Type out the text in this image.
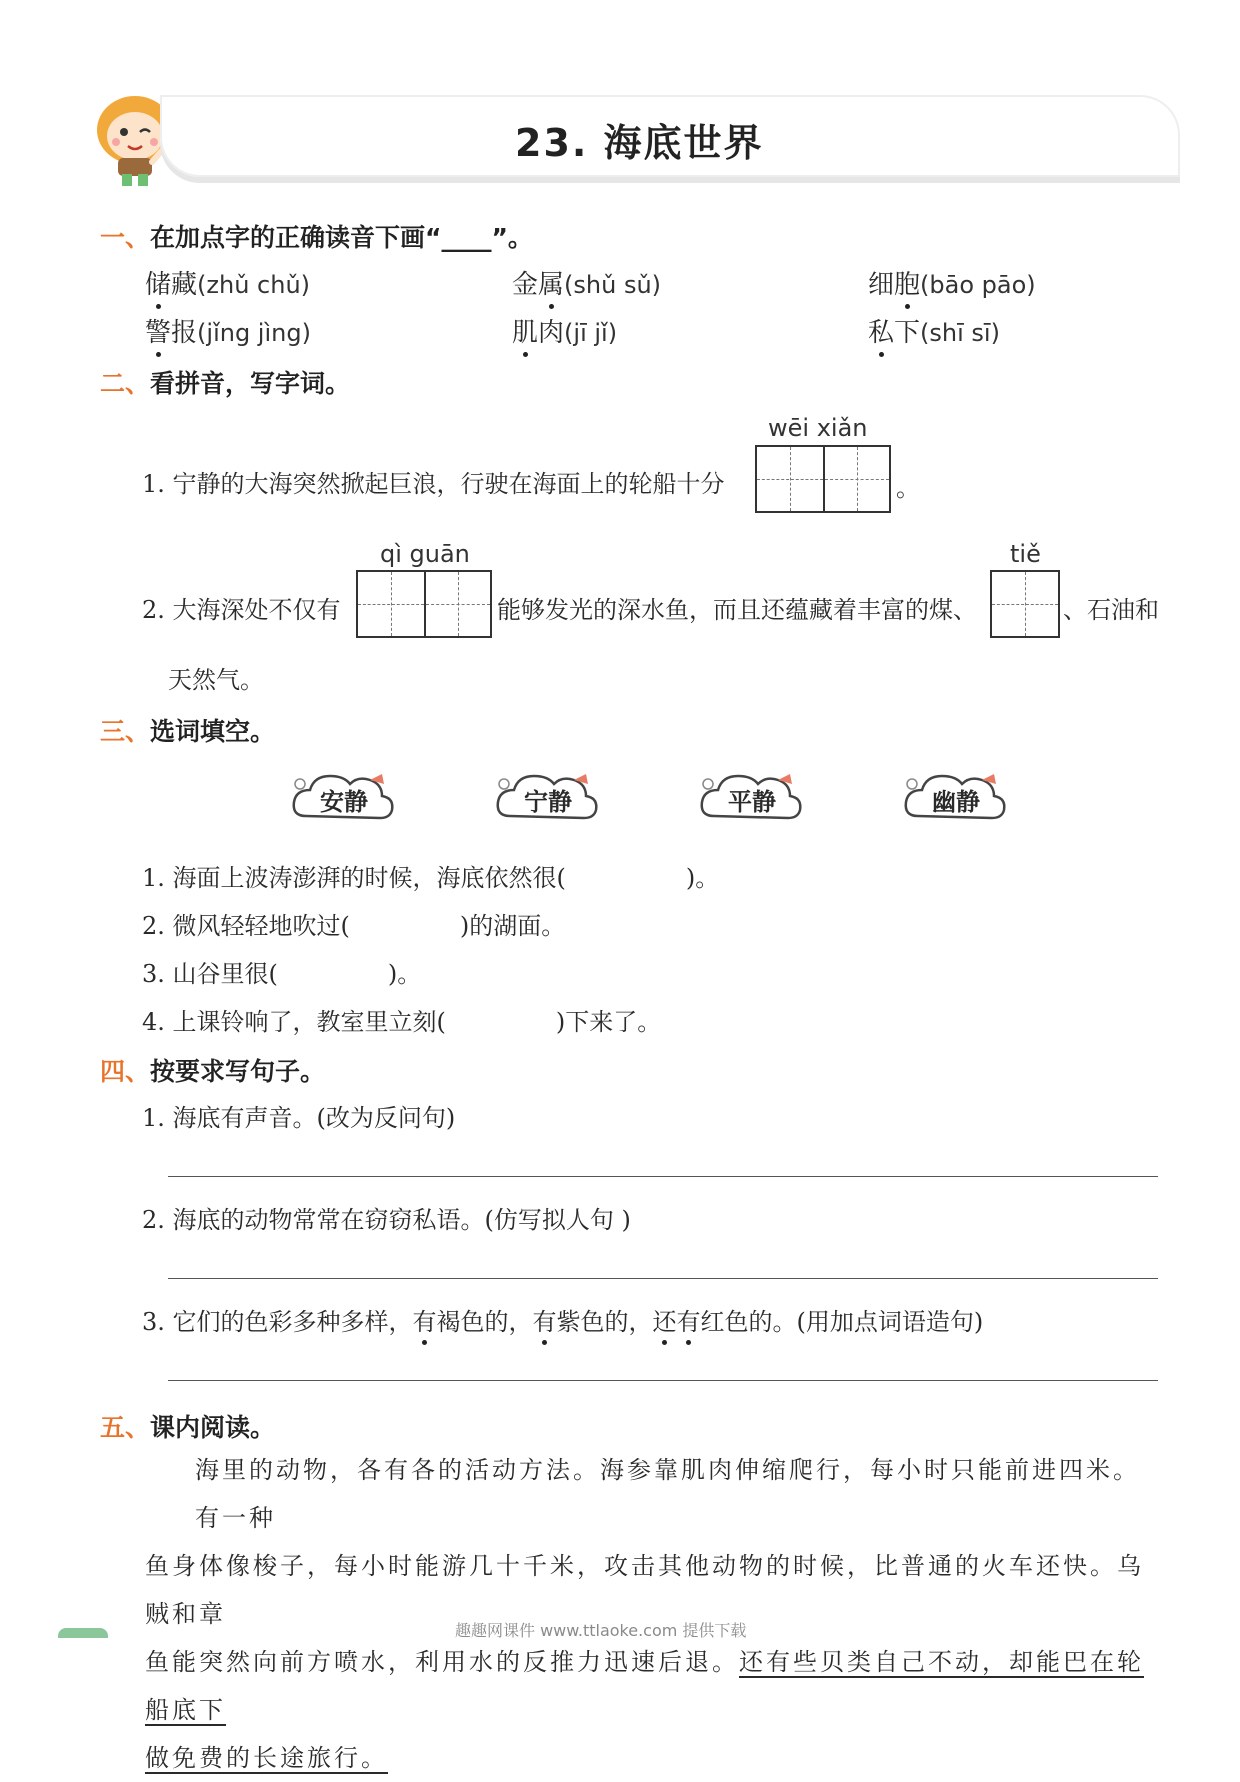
23. 海底世界
一、在加点字的正确读音下画“____”。
储藏(zhǔ chǔ)	金属(shǔ sǔ)	细胞(bāo pāo)
警报(jǐng jìng)	肌肉(jī jǐ)	私下(shī sī)
二、看拼音，写字词。
wēi xiǎn
1. 宁静的大海突然掀起巨浪，行驶在海面上的轮船十分	。
qì guān	tiě
2. 大海深处不仅有	能够发光的深水鱼，而且还蕴藏着丰富的煤、	、石油和
天然气。
三、选词填空。
安静	宁静	平静	幽静
1. 海面上波涛澎湃的时候，海底依然很(	)。
2. 微风轻轻地吹过(	)的湖面。
3. 山谷里很(	)。
4. 上课铃响了，教室里立刻(	)下来了。
四、按要求写句子。
1. 海底有声音。(改为反问句)
2. 海底的动物常常在窃窃私语。(仿写拟人句 )
3. 它们的色彩多种多样，有褐色的，有紫色的，还有红色的。(用加点词语造句)
五、课内阅读。
海里的动物，各有各的活动方法。海参靠肌肉伸缩爬行，每小时只能前进四米。有一种
鱼身体像梭子，每小时能游几十千米，攻击其他动物的时候，比普通的火车还快。乌贼和章
鱼能突然向前方喷水，利用水的反推力迅速后退。还有些贝类自己不动，却能巴在轮船底下
做免费的长途旅行。
趣趣网课件 www.ttlaoke.com 提供下载
